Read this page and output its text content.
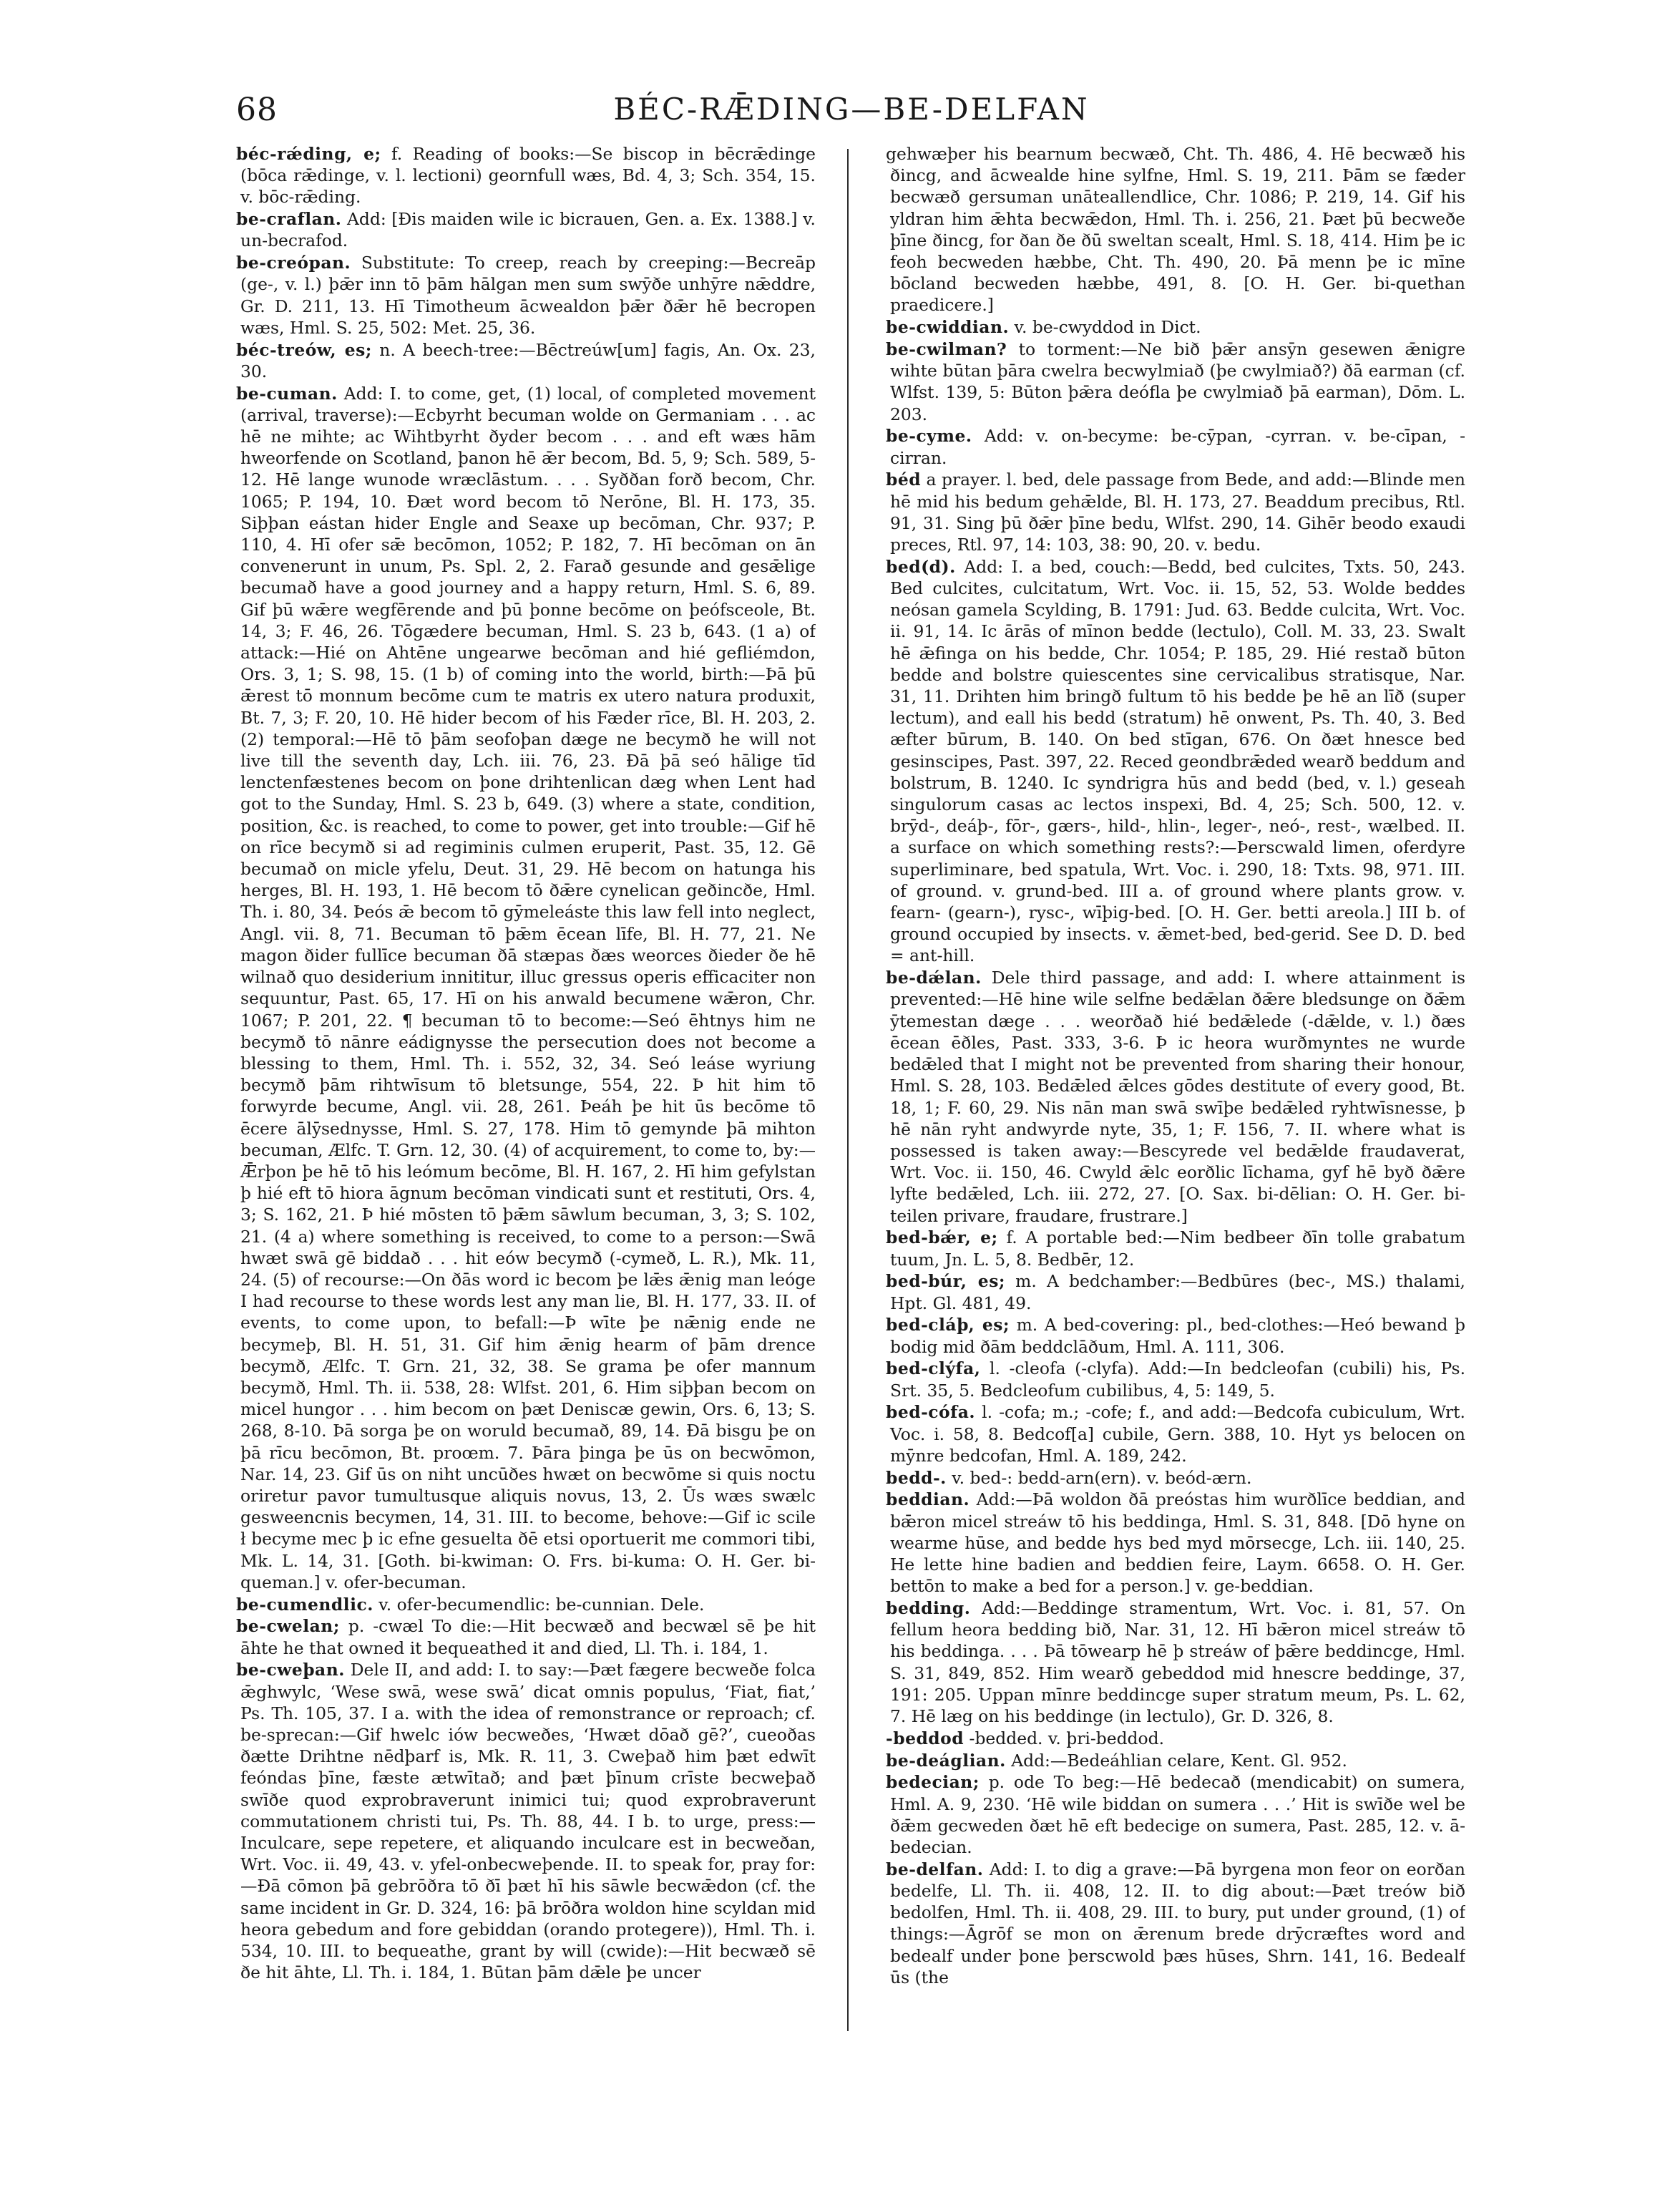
68	BÉC-RǢDING—BE-DELFAN

béc-rǽding, e; f. Reading of books:—Se biscop in bēcrǣdinge (bōca rǣdinge, v. l. lectioni) geornfull wæs, Bd. 4, 3; Sch. 354, 15. v. bōc-rǣding.

be-craflan. Add: [Ðis maiden wile ic bicrauen, Gen. a. Ex. 1388.] v. un-becrafod.

be-creópan. Substitute: To creep, reach by creeping:—Becreāp (ge-, v. l.) þǣr inn tō þām hālgan men sum swȳðe unhȳre nǣddre, Gr. D. 211, 13. Hī Timotheum ācwealdon þǣr ðǣr hē becropen wæs, Hml. S. 25, 502: Met. 25, 36.

béc-treów, es; n. A beech-tree:—Bēctreúw[um] fagis, An. Ox. 23, 30.

be-cuman. Add: I. to come, get, (1) local, of completed movement (arrival, traverse):—Ecbyrht becuman wolde on Germaniam . . . ac hē ne mihte; ac Wihtbyrht ðyder becom . . . and eft wæs hām hweorfende on Scotland, þanon hē ǣr becom, Bd. 5, 9; Sch. 589, 5-12. Hē lange wunode wræclāstum. . . . Syððan forð becom, Chr. 1065; P. 194, 10. Ðæt word becom tō Nerōne, Bl. H. 173, 35. Siþþan eástan hider Engle and Seaxe up becōman, Chr. 937; P. 110, 4. Hī ofer sǣ becōmon, 1052; P. 182, 7. Hī becōman on ān convenerunt in unum, Ps. Spl. 2, 2. Farað gesunde and gesǣlige becumað have a good journey and a happy return, Hml. S. 6, 89. Gif þū wǣre wegfērende and þū þonne becōme on þeófsceole, Bt. 14, 3; F. 46, 26. Tōgædere becuman, Hml. S. 23 b, 643. (1 a) of attack:—Hié on Ahtēne ungearwe becōman and hié gefliémdon, Ors. 3, 1; S. 98, 15. (1 b) of coming into the world, birth:—Þā þū ǣrest tō monnum becōme cum te matris ex utero natura produxit, Bt. 7, 3; F. 20, 10. Hē hider becom of his Fæder rīce, Bl. H. 203, 2. (2) temporal:—Hē tō þām seofoþan dæge ne becymð he will not live till the seventh day, Lch. iii. 76, 23. Ðā þā seó hālige tīd lenctenfæstenes becom on þone drihtenlican dæg when Lent had got to the Sunday, Hml. S. 23 b, 649. (3) where a state, condition, position, &c. is reached, to come to power, get into trouble:—Gif hē on rīce becymð si ad regiminis culmen eruperit, Past. 35, 12. Gē becumað on micle yfelu, Deut. 31, 29. Hē becom on hatunga his herges, Bl. H. 193, 1. Hē becom tō ðǣre cynelican geðincðe, Hml. Th. i. 80, 34. Þeós ǣ becom tō gȳmeleáste this law fell into neglect, Angl. vii. 8, 71. Becuman tō þǣm ēcean līfe, Bl. H. 77, 21. Ne magon ðider fullīce becuman ðā stæpas ðæs weorces ðieder ðe hē wilnað quo desiderium innititur, illuc gressus operis efficaciter non sequuntur, Past. 65, 17. Hī on his anwald becumene wǣron, Chr. 1067; P. 201, 22. ¶ becuman tō to become:—Seó ēhtnys him ne becymð tō nānre eádignysse the persecution does not become a blessing to them, Hml. Th. i. 552, 32, 34. Seó leáse wyriung becymð þām rihtwīsum tō bletsunge, 554, 22. Þ hit him tō forwyrde becume, Angl. vii. 28, 261. Þeáh þe hit ūs becōme tō ēcere ālȳsednysse, Hml. S. 27, 178. Him tō gemynde þā mihton becuman, Ælfc. T. Grn. 12, 30. (4) of acquirement, to come to, by:—Ǣrþon þe hē tō his leómum becōme, Bl. H. 167, 2. Hī him gefylstan þ hié eft tō hiora āgnum becōman vindicati sunt et restituti, Ors. 4, 3; S. 162, 21. Þ hié mōsten tō þǣm sāwlum becuman, 3, 3; S. 102, 21. (4 a) where something is received, to come to a person:—Swā hwæt swā gē biddað . . . hit eów becymð (-cymeð, L. R.), Mk. 11, 24. (5) of recourse:—On ðās word ic becom þe lǣs ǣnig man leóge I had recourse to these words lest any man lie, Bl. H. 177, 33. II. of events, to come upon, to befall:—Þ wīte þe nǣnig ende ne becymeþ, Bl. H. 51, 31. Gif him ǣnig hearm of þām drence becymð, Ælfc. T. Grn. 21, 32, 38. Se grama þe ofer mannum becymð, Hml. Th. ii. 538, 28: Wlfst. 201, 6. Him siþþan becom on micel hungor . . . him becom on þæt Deniscæ gewin, Ors. 6, 13; S. 268, 8-10. Þā sorga þe on woruld becumað, 89, 14. Ðā bisgu þe on þā rīcu becōmon, Bt. proœm. 7. Þāra þinga þe ūs on becwōmon, Nar. 14, 23. Gif ūs on niht uncūðes hwæt on becwōme si quis noctu oriretur pavor tumultusque aliquis novus, 13, 2. Ūs wæs swælc gesweencnis becymen, 14, 31. III. to become, behove:—Gif ic scile ł becyme mec þ ic efne gesuelta ðē etsi oportuerit me commori tibi, Mk. L. 14, 31. [Goth. bi-kwiman: O. Frs. bi-kuma: O. H. Ger. bi-queman.] v. ofer-becuman.

be-cumendlic. v. ofer-becumendlic: be-cunnian. Dele.

be-cwelan; p. -cwæl To die:—Hit becwæð and becwæl sē þe hit āhte he that owned it bequeathed it and died, Ll. Th. i. 184, 1.

be-cweþan. Dele II, and add: I. to say:—Þæt fægere becweðe folca ǣghwylc, ‘Wese swā, wese swā’ dicat omnis populus, ‘Fiat, fiat,’ Ps. Th. 105, 37. I a. with the idea of remonstrance or reproach; cf. be-sprecan:—Gif hwelc iów becweðes, ‘Hwæt dōað gē?’, cueoðas ðætte Drihtne nēdþarf is, Mk. R. 11, 3. Cweþað him þæt edwīt feóndas þīne, fæste ætwītað; and þæt þīnum crīste becweþað swīðe quod exprobraverunt inimici tui; quod exprobraverunt commutationem christi tui, Ps. Th. 88, 44. I b. to urge, press:—Inculcare, sepe repetere, et aliquando inculcare est in becweðan, Wrt. Voc. ii. 49, 43. v. yfel-onbecweþende. II. to speak for, pray for:—Ðā cōmon þā gebrōðra tō ðī þæt hī his sāwle becwǣdon (cf. the same incident in Gr. D. 324, 16: þā brōðra woldon hine scyldan mid heora gebedum and fore gebiddan (orando protegere)), Hml. Th. i. 534, 10. III. to bequeathe, grant by will (cwide):—Hit becwæð sē ðe hit āhte, Ll. Th. i. 184, 1. Būtan þām dǣle þe uncer

gehwæþer his bearnum becwæð, Cht. Th. 486, 4. Hē becwæð his ðincg, and ācwealde hine sylfne, Hml. S. 19, 211. Þām se fæder becwæð gersuman unāteallendlice, Chr. 1086; P. 219, 14. Gif his yldran him ǣhta becwǣdon, Hml. Th. i. 256, 21. Þæt þū becweðe þīne ðincg, for ðan ðe ðū sweltan scealt, Hml. S. 18, 414. Him þe ic feoh becweden hæbbe, Cht. Th. 490, 20. Þā menn þe ic mīne bōcland becweden hæbbe, 491, 8. [O. H. Ger. bi-quethan praedicere.]

be-cwiddian. v. be-cwyddod in Dict.

be-cwilman? to torment:—Ne bið þǣr ansȳn gesewen ǣnigre wihte būtan þāra cwelra becwylmiað (þe cwylmiað?) ðā earman (cf. Wlfst. 139, 5: Būton þǣra deófla þe cwylmiað þā earman), Dōm. L. 203.

be-cyme. Add: v. on-becyme: be-cȳpan, -cyrran. v. be-cīpan, -cirran.

béd a prayer. l. bed, dele passage from Bede, and add:—Blinde men hē mid his bedum gehǣlde, Bl. H. 173, 27. Beaddum precibus, Rtl. 91, 31. Sing þū ðǣr þīne bedu, Wlfst. 290, 14. Gihēr beodo exaudi preces, Rtl. 97, 14: 103, 38: 90, 20. v. bedu.

bed(d). Add: I. a bed, couch:—Bedd, bed culcites, Txts. 50, 243. Bed culcites, culcitatum, Wrt. Voc. ii. 15, 52, 53. Wolde beddes neósan gamela Scylding, B. 1791: Jud. 63. Bedde culcita, Wrt. Voc. ii. 91, 14. Ic ārās of mīnon bedde (lectulo), Coll. M. 33, 23. Swalt hē ǣfinga on his bedde, Chr. 1054; P. 185, 29. Hié restað būton bedde and bolstre quiescentes sine cervicalibus stratisque, Nar. 31, 11. Drihten him bringð fultum tō his bedde þe hē an līð (super lectum), and eall his bedd (stratum) hē onwent, Ps. Th. 40, 3. Bed æfter būrum, B. 140. On bed stīgan, 676. On ðæt hnesce bed gesinscipes, Past. 397, 22. Reced geondbrǣded wearð beddum and bolstrum, B. 1240. Ic syndrigra hūs and bedd (bed, v. l.) geseah singulorum casas ac lectos inspexi, Bd. 4, 25; Sch. 500, 12. v. brȳd-, deáþ-, fōr-, gærs-, hild-, hlin-, leger-, neó-, rest-, wælbed. II. a surface on which something rests?:—Þerscwald limen, oferdyre superliminare, bed spatula, Wrt. Voc. i. 290, 18: Txts. 98, 971. III. of ground. v. grund-bed. III a. of ground where plants grow. v. fearn- (gearn-), rysc-, wīþig-bed. [O. H. Ger. betti areola.] III b. of ground occupied by insects. v. ǣmet-bed, bed-gerid. See D. D. bed = ant-hill.

be-dǽlan. Dele third passage, and add: I. where attainment is prevented:—Hē hine wile selfne bedǣlan ðǣre bledsunge on ðǣm ȳtemestan dæge . . . weorðað hié bedǣlede (-dǣlde, v. l.) ðæs ēcean ēðles, Past. 333, 3-6. Þ ic heora wurðmyntes ne wurde bedǣled that I might not be prevented from sharing their honour, Hml. S. 28, 103. Bedǣled ǣlces gōdes destitute of every good, Bt. 18, 1; F. 60, 29. Nis nān man swā swīþe bedǣled ryhtwīsnesse, þ hē nān ryht andwyrde nyte, 35, 1; F. 156, 7. II. where what is possessed is taken away:—Bescyrede vel bedǣlde fraudaverat, Wrt. Voc. ii. 150, 46. Cwyld ǣlc eorðlic līchama, gyf hē byð ðǣre lyfte bedǣled, Lch. iii. 272, 27. [O. Sax. bi-dēlian: O. H. Ger. bi-teilen privare, fraudare, frustrare.]

bed-bǽr, e; f. A portable bed:—Nim bedbeer ðīn tolle grabatum tuum, Jn. L. 5, 8. Bedbēr, 12.

bed-búr, es; m. A bedchamber:—Bedbūres (bec-, MS.) thalami, Hpt. Gl. 481, 49.

bed-cláþ, es; m. A bed-covering: pl., bed-clothes:—Heó bewand þ bodig mid ðām beddclāðum, Hml. A. 111, 306.

bed-clýfa, l. -cleofa (-clyfa). Add:—In bedcleofan (cubili) his, Ps. Srt. 35, 5. Bedcleofum cubilibus, 4, 5: 149, 5.

bed-cófa. l. -cofa; m.; -cofe; f., and add:—Bedcofa cubiculum, Wrt. Voc. i. 58, 8. Bedcof[a] cubile, Gern. 388, 10. Hyt ys belocen on mȳnre bedcofan, Hml. A. 189, 242.

bedd-. v. bed-: bedd-arn(ern). v. beód-ærn.

beddian. Add:—Þā woldon ðā preóstas him wurðlīce beddian, and bǣron micel streáw tō his beddinga, Hml. S. 31, 848. [Dō hyne on wearme hūse, and bedde hys bed myd mōrsecge, Lch. iii. 140, 25. He lette hine badien and beddien feire, Laym. 6658. O. H. Ger. bettōn to make a bed for a person.] v. ge-beddian.

bedding. Add:—Beddinge stramentum, Wrt. Voc. i. 81, 57. On fellum heora bedding bið, Nar. 31, 12. Hī bǣron micel streáw tō his beddinga. . . . Þā tōwearp hē þ streáw of þǣre beddincge, Hml. S. 31, 849, 852. Him wearð gebeddod mid hnescre beddinge, 37, 191: 205. Uppan mīnre beddincge super stratum meum, Ps. L. 62, 7. Hē læg on his beddinge (in lectulo), Gr. D. 326, 8.

-beddod -bedded. v. þri-beddod.

be-deáglian. Add:—Bedeáhlian celare, Kent. Gl. 952.

bedecian; p. ode To beg:—Hē bedecað (mendicabit) on sumera, Hml. A. 9, 230. ‘Hē wile biddan on sumera . . .’ Hit is swīðe wel be ðǣm gecweden ðæt hē eft bedecige on sumera, Past. 285, 12. v. ā-bedecian.

be-delfan. Add: I. to dig a grave:—Þā byrgena mon feor on eorðan bedelfe, Ll. Th. ii. 408, 12. II. to dig about:—Þæt treów bið bedolfen, Hml. Th. ii. 408, 29. III. to bury, put under ground, (1) of things:—Āgrōf se mon on ǣrenum brede drȳcræftes word and bedealf under þone þerscwold þæs hūses, Shrn. 141, 16. Bedealf ūs (the
